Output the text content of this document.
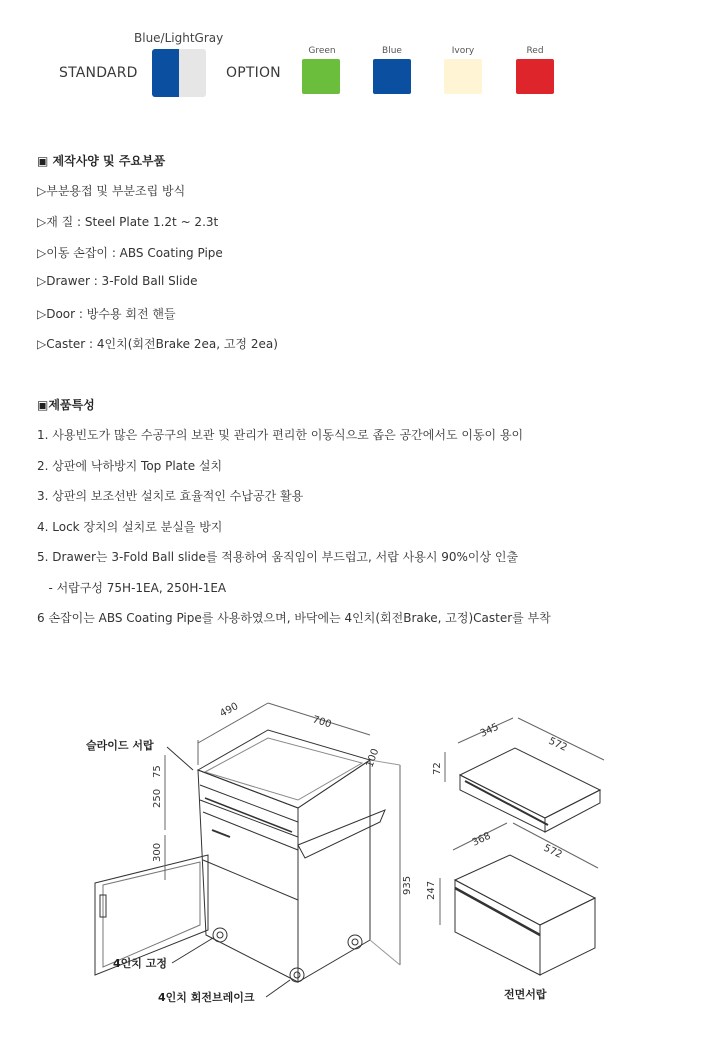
Blue/LightGray
STANDARD	OPTION
Green	Blue	Ivory	Red
▣ 제작사양 및 주요부품
▷부분용접 및 부분조립 방식
▷재 질 : Steel Plate 1.2t ~ 2.3t
▷이동 손잡이 : ABS Coating Pipe
▷Drawer : 3-Fold Ball Slide
▷Door : 방수용 회전 핸들
▷Caster : 4인치(회전Brake 2ea, 고정 2ea)
▣제품특성
1. 사용빈도가 많은 수공구의 보관 및 관리가 편리한 이동식으로 좁은 공간에서도 이동이 용이
2. 상판에 낙하방지 Top Plate 설치
3. 상판의 보조선반 설치로 효율적인 수납공간 활용
4. Lock 장치의 설치로 분실을 방지
5. Drawer는 3-Fold Ball slide를 적용하여 움직임이 부드럽고, 서랍 사용시 90%이상 인출
- 서랍구성 75H-1EA, 250H-1EA
6 손잡이는 ABS Coating Pipe를 사용하였으며, 바닥에는 4인치(회전Brake, 고정)Caster를 부착
490
700
100
75
250
300
935
345
572
72
368
572
247
슬라이드 서랍
4인치 고정
4인치 회전브레이크	전면서랍
